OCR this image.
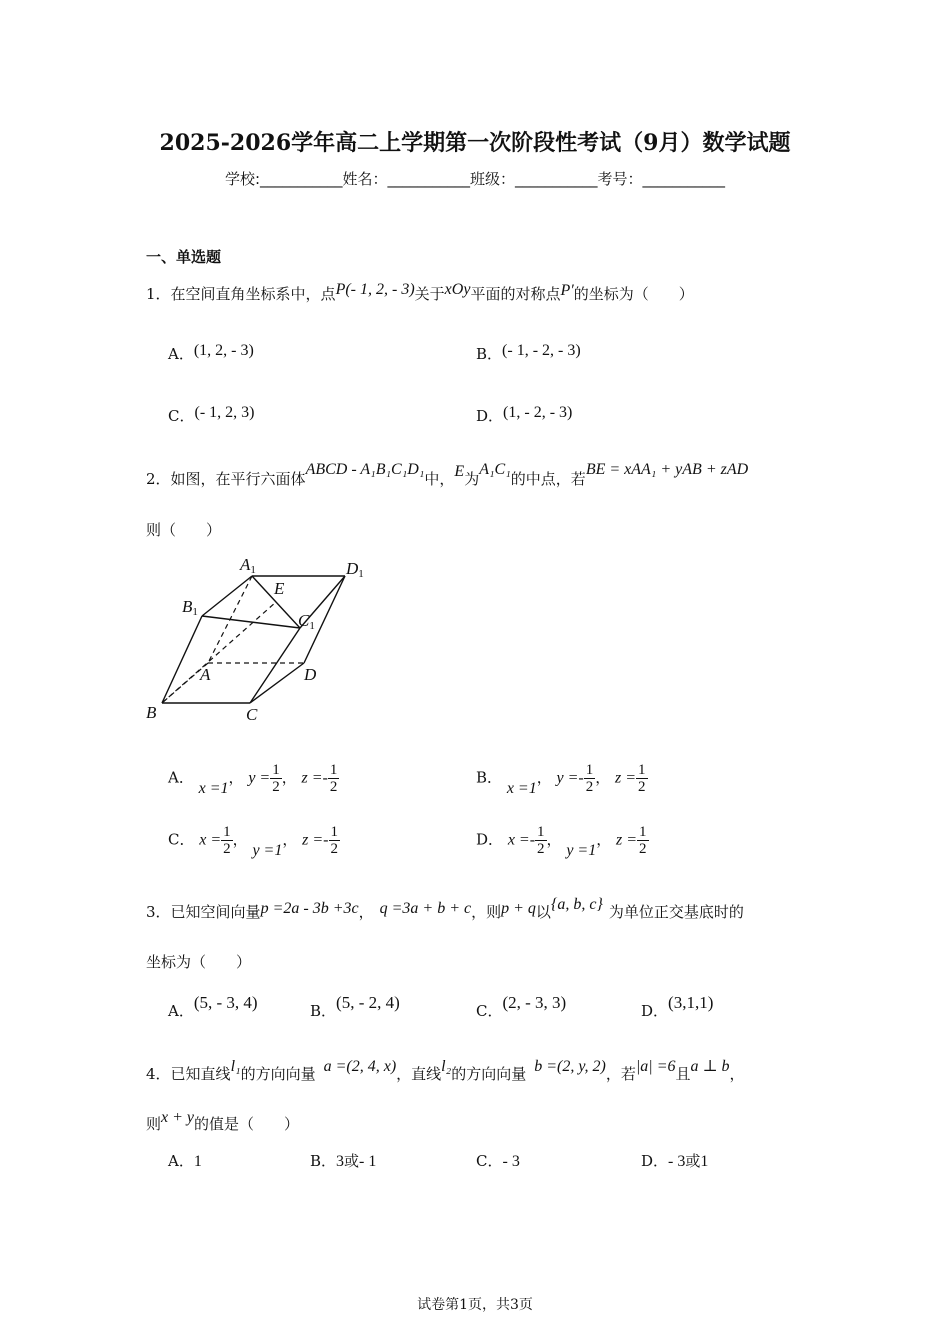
2025-2026学年高二上学期第一次阶段性考试（9月）数学试题
学校:___________姓名：___________班级：___________考号：___________
一、单选题
1．在空间直角坐标系中，点P(- 1, 2, - 3)关于xOy平面的对称点P′的坐标为（　　）
A．(1, 2, - 3)	B．(- 1, - 2, - 3)
C．(- 1, 2, 3)	D．(1, - 2, - 3)
2．如图，在平行六面体ABCD - A₁B₁C₁D₁中，E为A₁C₁的中点，若BE = xAA₁ + yAB + zAD
则（　　）
A1	D1
B1	C1
E
A	D
B	C
A． x =1， $y = \frac{1}{2}$ ， $z =- \frac{1}{2}$	B． x =1， $y =- \frac{1}{2}$ ， $z = \frac{1}{2}$
C． $x = \frac{1}{2}$ ， y =1， $z =- \frac{1}{2}$	D． $x =- \frac{1}{2}$ ， y =1， $z = \frac{1}{2}$
3．已知空间向量p =2a - 3b +3c， q =3a + b + c，则p + q以{a, b, c} 为单位正交基底时的
坐标为（　　）
A．(5, - 3, 4)	B．(5, - 2, 4)	C．(2, - 3, 3)	D．(3,1,1)
4．已知直线l₁的方向向量 a =(2, 4, x)，直线l₂的方向向量 b =(2, y, 2)，若|a| =6且a ⊥ b，
则x + y的值是（　　）
A．1	B．3或- 1	C．- 3	D．- 3或1
试卷第1页，共3页
